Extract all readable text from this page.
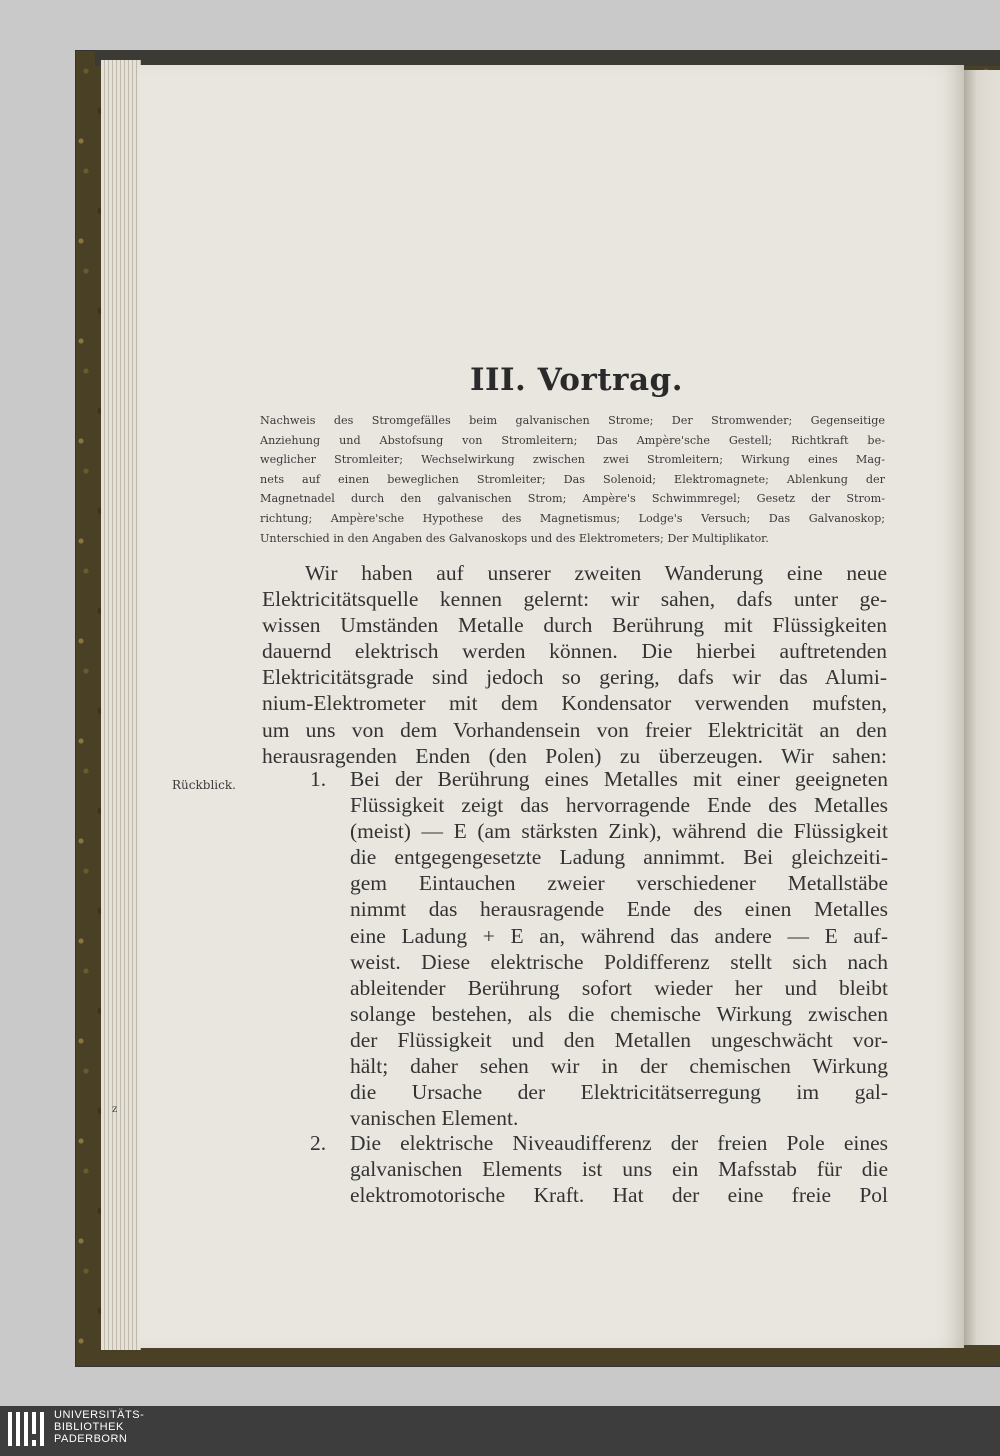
III. Vortrag.
Nachweis des Stromgefälles beim galvanischen Strome; Der Stromwender; Gegenseitige
Anziehung und Abstofsung von Stromleitern; Das Ampère'sche Gestell; Richtkraft be-
weglicher Stromleiter; Wechselwirkung zwischen zwei Stromleitern; Wirkung eines Mag-
nets auf einen beweglichen Stromleiter; Das Solenoid; Elektromagnete; Ablenkung der
Magnetnadel durch den galvanischen Strom; Ampère's Schwimmregel; Gesetz der Strom-
richtung; Ampère'sche Hypothese des Magnetismus; Lodge's Versuch; Das Galvanoskop;
Unterschied in den Angaben des Galvanoskops und des Elektrometers; Der Multiplikator.
Wir haben auf unserer zweiten Wanderung eine neue
Elektricitätsquelle kennen gelernt: wir sahen, dafs unter ge-
wissen Umständen Metalle durch Berührung mit Flüssigkeiten
dauernd elektrisch werden können. Die hierbei auftretenden
Elektricitätsgrade sind jedoch so gering, dafs wir das Alumi-
nium-Elektrometer mit dem Kondensator verwenden mufsten,
um uns von dem Vorhandensein von freier Elektricität an den
herausragenden Enden (den Polen) zu überzeugen. Wir sahen:
Rückblick.
z
1.	Bei der Berührung eines Metalles mit einer geeigneten
Flüssigkeit zeigt das hervorragende Ende des Metalles
(meist) — E (am stärksten Zink), während die Flüssigkeit
die entgegengesetzte Ladung annimmt. Bei gleichzeiti-
gem Eintauchen zweier verschiedener Metallstäbe
nimmt das herausragende Ende des einen Metalles
eine Ladung + E an, während das andere — E auf-
weist. Diese elektrische Poldifferenz stellt sich nach
ableitender Berührung sofort wieder her und bleibt
solange bestehen, als die chemische Wirkung zwischen
der Flüssigkeit und den Metallen ungeschwächt vor-
hält; daher sehen wir in der chemischen Wirkung
die Ursache der Elektricitätserregung im gal-
vanischen Element.
2.	Die elektrische Niveaudifferenz der freien Pole eines
galvanischen Elements ist uns ein Mafsstab für die
elektromotorische Kraft. Hat der eine freie Pol
UNIVERSITÄTS-
BIBLIOTHEK
PADERBORN
